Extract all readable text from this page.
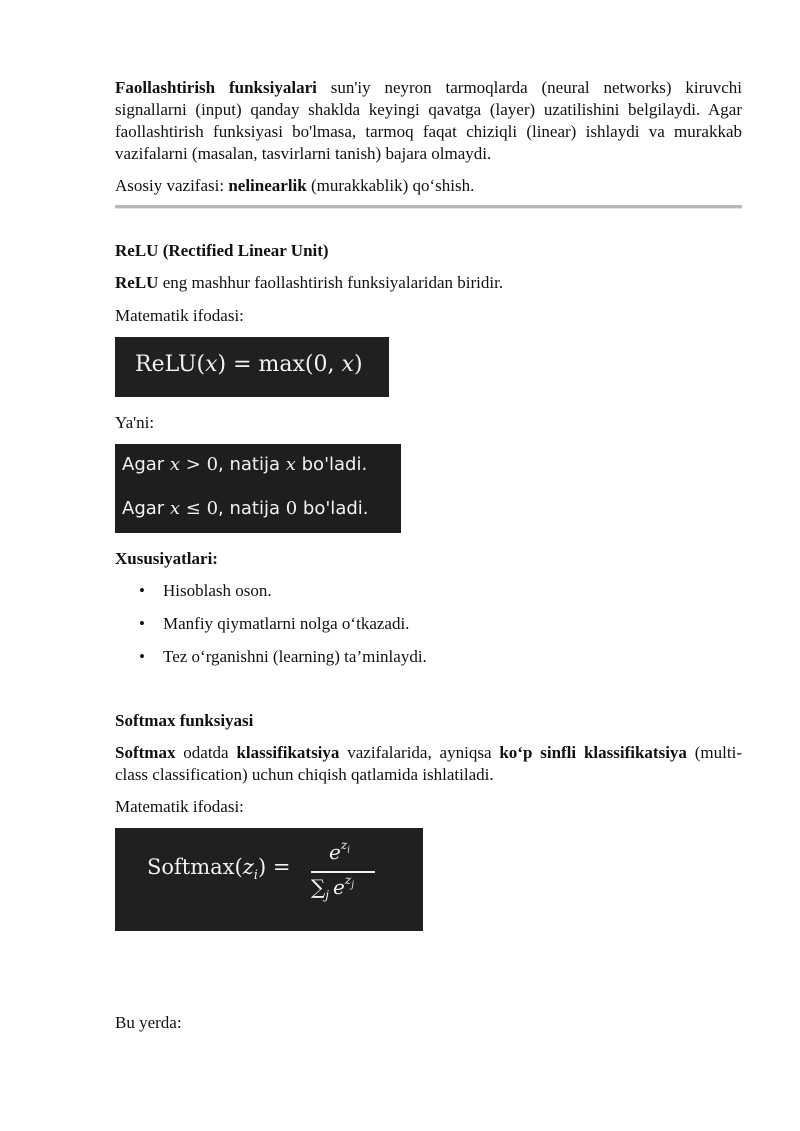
Faollashtirish funksiyalari sun'iy neyron tarmoqlarda (neural networks) kiruvchi signallarni (input) qanday shaklda keyingi qavatga (layer) uzatilishini belgilaydi. Agar faollashtirish funksiyasi bo'lmasa, tarmoq faqat chiziqli (linear) ishlaydi va murakkab vazifalarni (masalan, tasvirlarni tanish) bajara olmaydi.

Asosiy vazifasi: nelinearlik (murakkablik) qo‘shish.

ReLU (Rectified Linear Unit)

ReLU eng mashhur faollashtirish funksiyalaridan biridir.

Matematik ifodasi:

ReLU(x) = max(0, x)

Ya'ni:

Agar x > 0, natija x bo'ladi.
Agar x ≤ 0, natija 0 bo'ladi.

Xususiyatlari:

• Hisoblash oson.
• Manfiy qiymatlarni nolga o‘tkazadi.
• Tez o‘rganishni (learning) ta’minlaydi.

Softmax funksiyasi

Softmax odatda klassifikatsiya vazifalarida, ayniqsa ko‘p sinfli klassifikatsiya (multi-class classification) uchun chiqish qatlamida ishlatiladi.

Matematik ifodasi:

$Softmax(z_i)$ =
$e^{z_i}$
$\sum_j$ $e^{z_j}$

Bu yerda:
